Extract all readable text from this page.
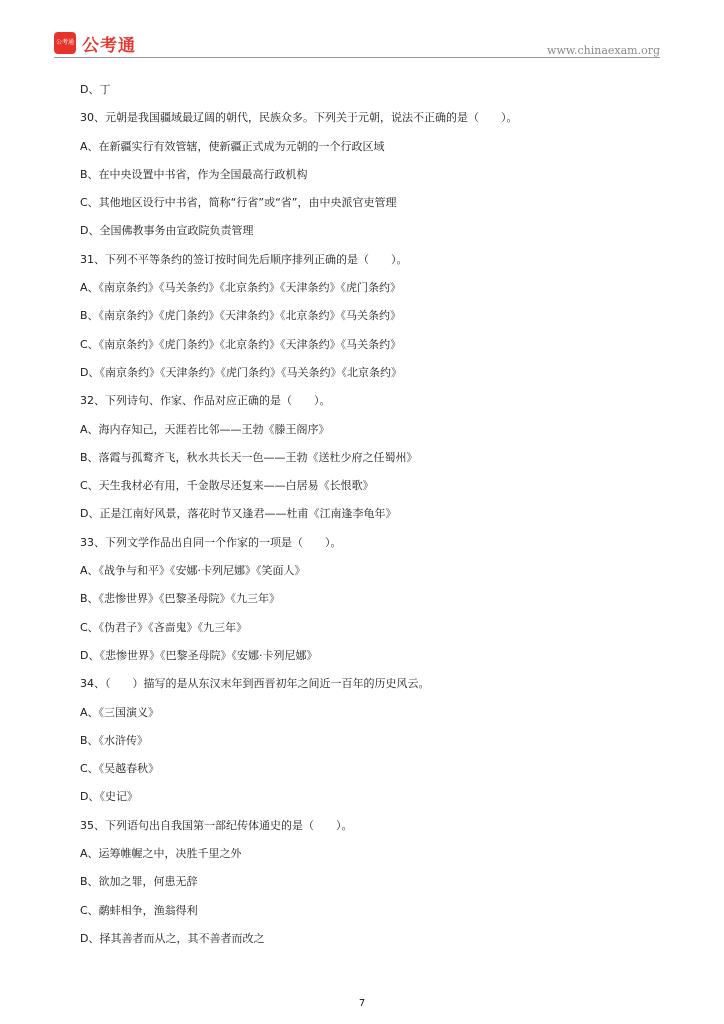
公考通 公考通	www.chinaexam.org
D、丁
30、元朝是我国疆域最辽阔的朝代，民族众多。下列关于元朝，说法不正确的是（　　）。
A、在新疆实行有效管辖，使新疆正式成为元朝的一个行政区域
B、在中央设置中书省，作为全国最高行政机构
C、其他地区设行中书省，简称“行省”或“省”，由中央派官吏管理
D、全国佛教事务由宣政院负责管理
31、下列不平等条约的签订按时间先后顺序排列正确的是（　　）。
A、《南京条约》《马关条约》《北京条约》《天津条约》《虎门条约》
B、《南京条约》《虎门条约》《天津条约》《北京条约》《马关条约》
C、《南京条约》《虎门条约》《北京条约》《天津条约》《马关条约》
D、《南京条约》《天津条约》《虎门条约》《马关条约》《北京条约》
32、下列诗句、作家、作品对应正确的是（　　）。
A、海内存知己，天涯若比邻——王勃《滕王阁序》
B、落霞与孤鹜齐飞，秋水共长天一色——王勃《送杜少府之任蜀州》
C、天生我材必有用，千金散尽还复来——白居易《长恨歌》
D、正是江南好风景，落花时节又逢君——杜甫《江南逢李龟年》
33、下列文学作品出自同一个作家的一项是（　　）。
A、《战争与和平》《安娜·卡列尼娜》《笑面人》
B、《悲惨世界》《巴黎圣母院》《九三年》
C、《伪君子》《吝啬鬼》《九三年》
D、《悲惨世界》《巴黎圣母院》《安娜·卡列尼娜》
34、（　　）描写的是从东汉末年到西晋初年之间近一百年的历史风云。
A、《三国演义》
B、《水浒传》
C、《吴越春秋》
D、《史记》
35、下列语句出自我国第一部纪传体通史的是（　　）。
A、运筹帷幄之中，决胜千里之外
B、欲加之罪，何患无辞
C、鹬蚌相争，渔翁得利
D、择其善者而从之，其不善者而改之
7
